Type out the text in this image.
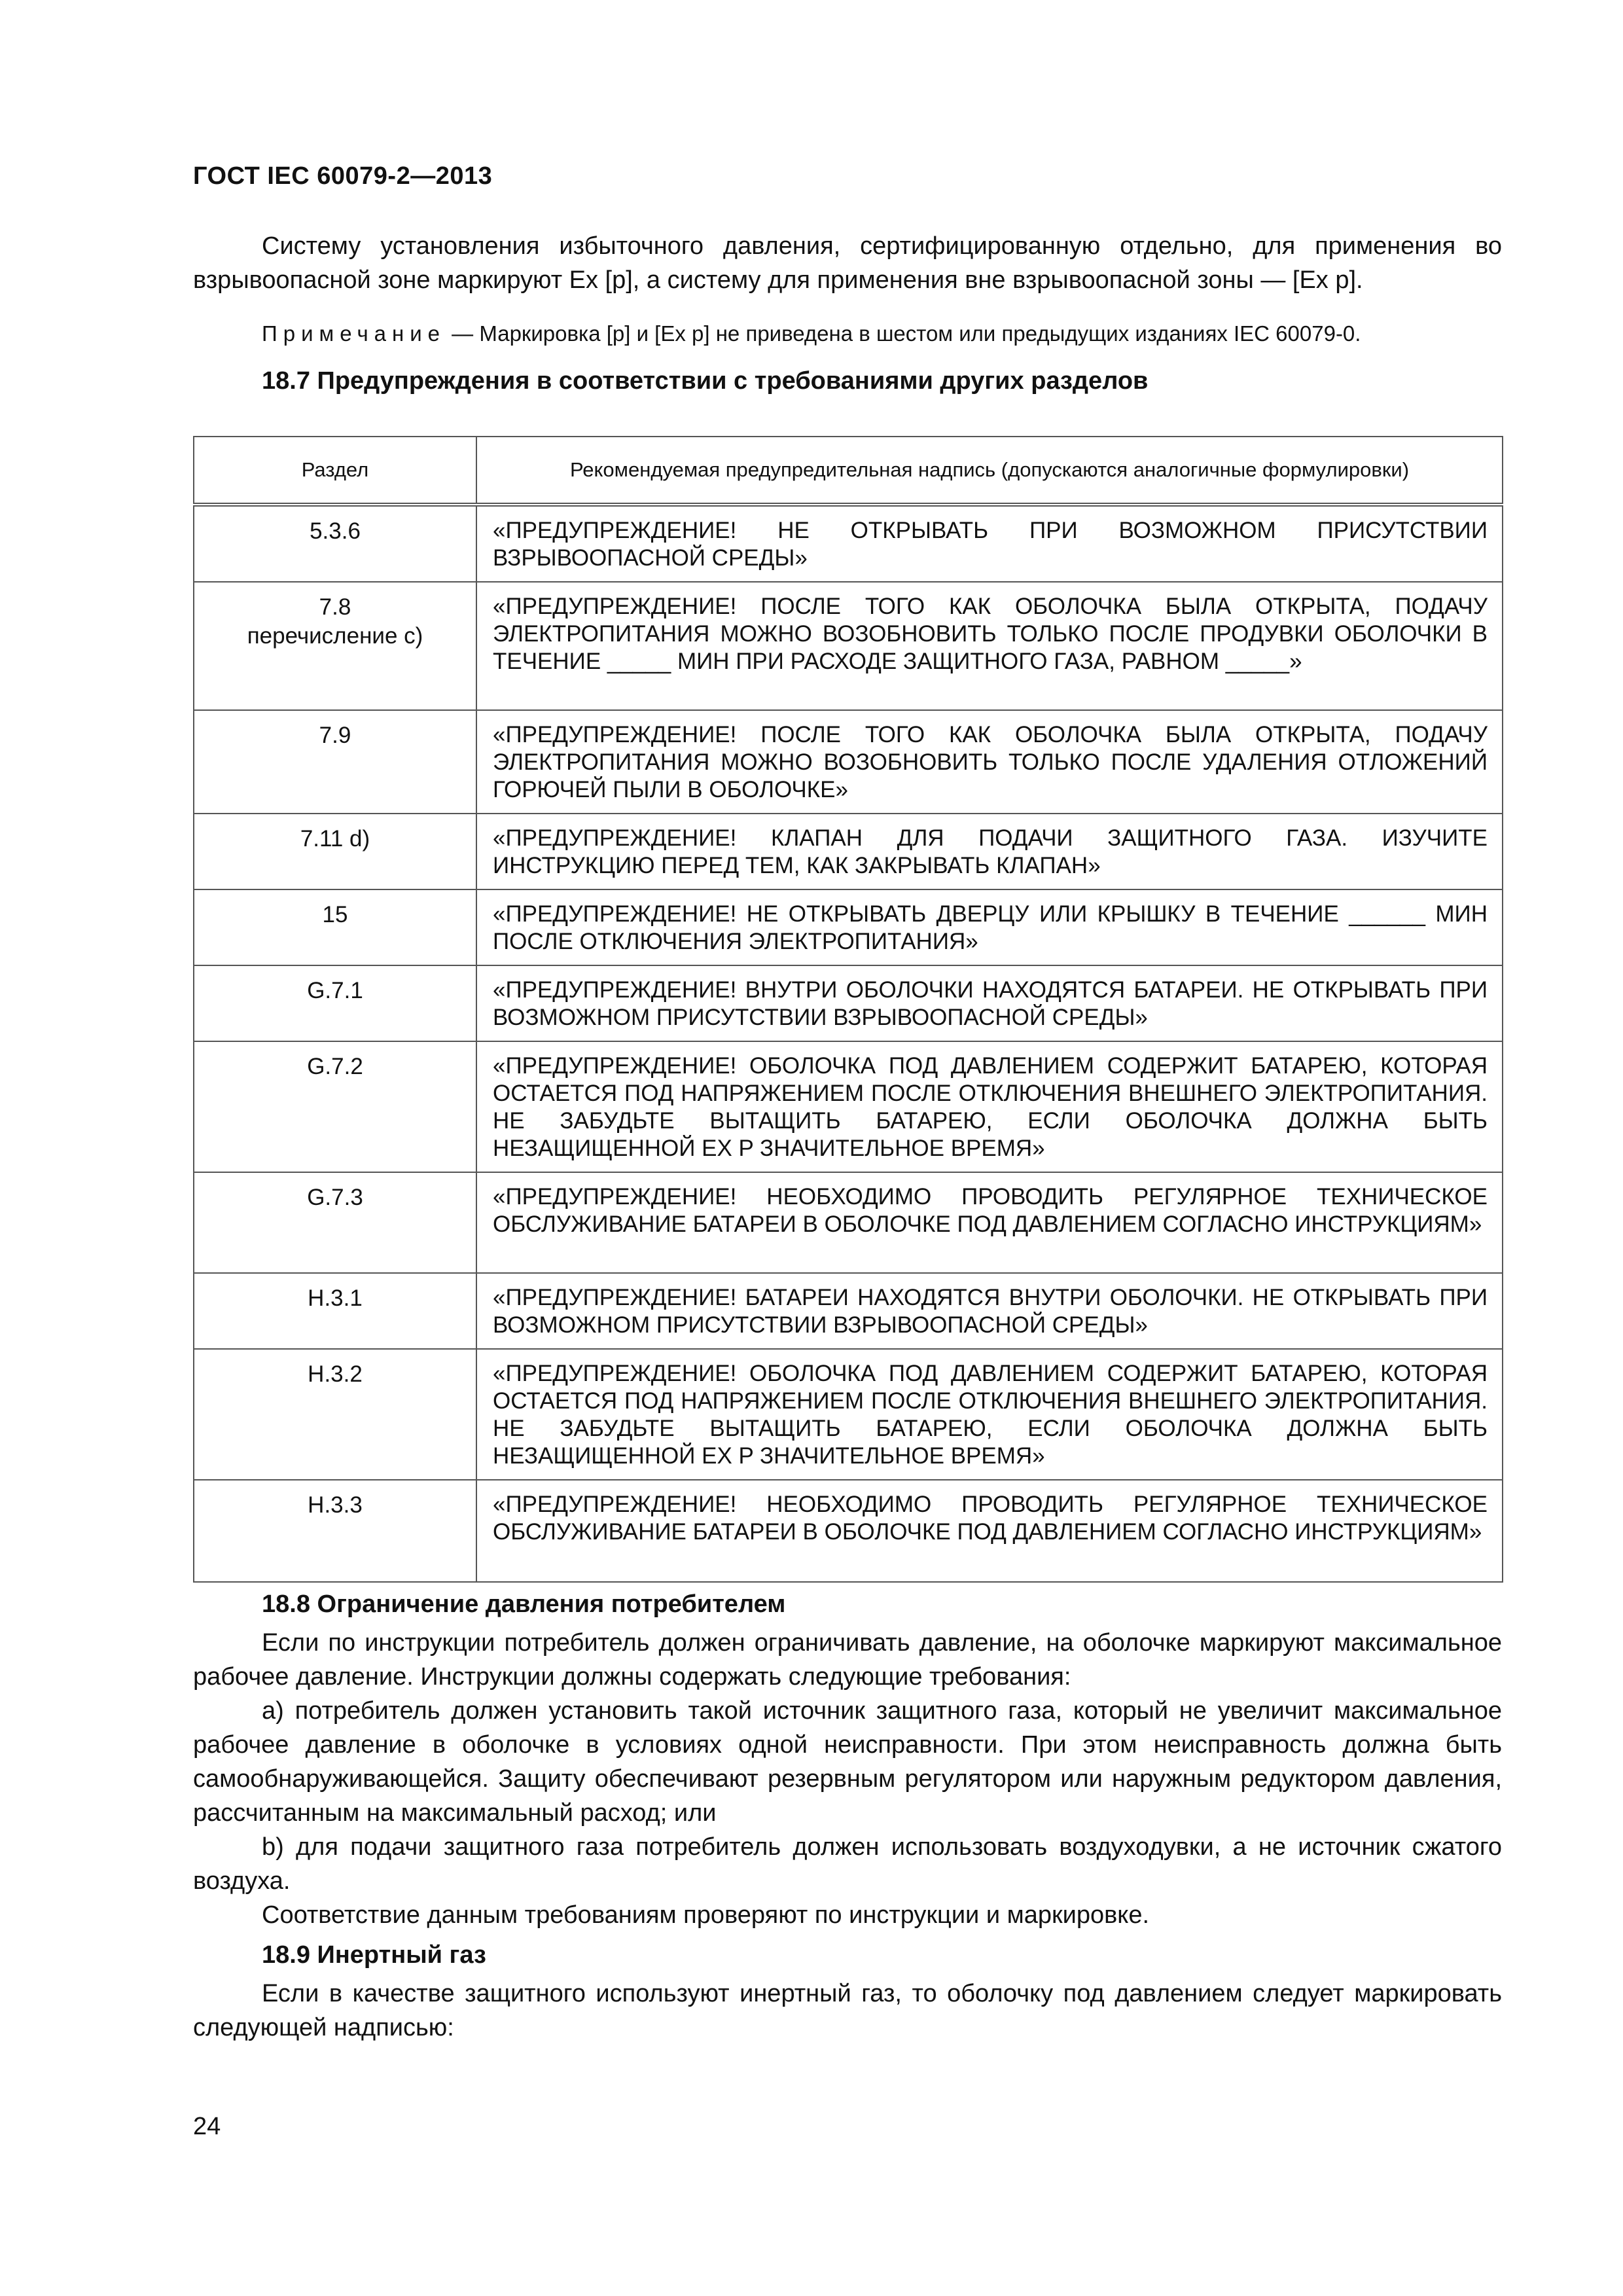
ГОСТ IEC 60079-2—2013

Систему установления избыточного давления, сертифицированную отдельно, для применения во взрывоопасной зоне маркируют Ex [p], а систему для применения вне взрывоопасной зоны — [Ex p].

Примечание — Маркировка [p] и [Ex p] не приведена в шестом или предыдущих изданиях IEC 60079-0.

18.7 Предупреждения в соответствии с требованиями других разделов
Раздел	Рекомендуемая предупредительная надпись (допускаются аналогичные формулировки)
5.3.6	«ПРЕДУПРЕЖДЕНИЕ! НЕ ОТКРЫВАТЬ ПРИ ВОЗМОЖНОМ ПРИСУТСТВИИ ВЗРЫВООПАСНОЙ СРЕДЫ»
7.8
перечисление c)	«ПРЕДУПРЕЖДЕНИЕ! ПОСЛЕ ТОГО КАК ОБОЛОЧКА БЫЛА ОТКРЫТА, ПОДАЧУ ЭЛЕКТРОПИТАНИЯ МОЖНО ВОЗОБНОВИТЬ ТОЛЬКО ПОСЛЕ ПРОДУВКИ ОБОЛОЧКИ В ТЕЧЕНИЕ _____ МИН ПРИ РАСХОДЕ ЗАЩИТНОГО ГАЗА, РАВНОМ _____»
7.9	«ПРЕДУПРЕЖДЕНИЕ! ПОСЛЕ ТОГО КАК ОБОЛОЧКА БЫЛА ОТКРЫТА, ПОДАЧУ ЭЛЕКТРОПИТАНИЯ МОЖНО ВОЗОБНОВИТЬ ТОЛЬКО ПОСЛЕ УДАЛЕНИЯ ОТЛОЖЕНИЙ ГОРЮЧЕЙ ПЫЛИ В ОБОЛОЧКЕ»
7.11 d)	«ПРЕДУПРЕЖДЕНИЕ! КЛАПАН ДЛЯ ПОДАЧИ ЗАЩИТНОГО ГАЗА. ИЗУЧИТЕ ИНСТРУКЦИЮ ПЕРЕД ТЕМ, КАК ЗАКРЫВАТЬ КЛАПАН»
15	«ПРЕДУПРЕЖДЕНИЕ! НЕ ОТКРЫВАТЬ ДВЕРЦУ ИЛИ КРЫШКУ В ТЕЧЕНИЕ ______ МИН ПОСЛЕ ОТКЛЮЧЕНИЯ ЭЛЕКТРОПИТАНИЯ»
G.7.1	«ПРЕДУПРЕЖДЕНИЕ! ВНУТРИ ОБОЛОЧКИ НАХОДЯТСЯ БАТАРЕИ. НЕ ОТКРЫВАТЬ ПРИ ВОЗМОЖНОМ ПРИСУТСТВИИ ВЗРЫВООПАСНОЙ СРЕДЫ»
G.7.2	«ПРЕДУПРЕЖДЕНИЕ! ОБОЛОЧКА ПОД ДАВЛЕНИЕМ СОДЕРЖИТ БАТАРЕЮ, КОТОРАЯ ОСТАЕТСЯ ПОД НАПРЯЖЕНИЕМ ПОСЛЕ ОТКЛЮЧЕНИЯ ВНЕШНЕГО ЭЛЕКТРОПИТАНИЯ. НЕ ЗАБУДЬТЕ ВЫТАЩИТЬ БАТАРЕЮ, ЕСЛИ ОБОЛОЧКА ДОЛЖНА БЫТЬ НЕЗАЩИЩЕННОЙ EX P ЗНАЧИТЕЛЬНОЕ ВРЕМЯ»
G.7.3	«ПРЕДУПРЕЖДЕНИЕ! НЕОБХОДИМО ПРОВОДИТЬ РЕГУЛЯРНОЕ ТЕХНИЧЕСКОЕ ОБСЛУЖИВАНИЕ БАТАРЕИ В ОБОЛОЧКЕ ПОД ДАВЛЕНИЕМ СОГЛАСНО ИНСТРУКЦИЯМ»
H.3.1	«ПРЕДУПРЕЖДЕНИЕ! БАТАРЕИ НАХОДЯТСЯ ВНУТРИ ОБОЛОЧКИ. НЕ ОТКРЫВАТЬ ПРИ ВОЗМОЖНОМ ПРИСУТСТВИИ ВЗРЫВООПАСНОЙ СРЕДЫ»
H.3.2	«ПРЕДУПРЕЖДЕНИЕ! ОБОЛОЧКА ПОД ДАВЛЕНИЕМ СОДЕРЖИТ БАТАРЕЮ, КОТОРАЯ ОСТАЕТСЯ ПОД НАПРЯЖЕНИЕМ ПОСЛЕ ОТКЛЮЧЕНИЯ ВНЕШНЕГО ЭЛЕКТРОПИТАНИЯ. НЕ ЗАБУДЬТЕ ВЫТАЩИТЬ БАТАРЕЮ, ЕСЛИ ОБОЛОЧКА ДОЛЖНА БЫТЬ НЕЗАЩИЩЕННОЙ EX P ЗНАЧИТЕЛЬНОЕ ВРЕМЯ»
H.3.3	«ПРЕДУПРЕЖДЕНИЕ! НЕОБХОДИМО ПРОВОДИТЬ РЕГУЛЯРНОЕ ТЕХНИЧЕСКОЕ ОБСЛУЖИВАНИЕ БАТАРЕИ В ОБОЛОЧКЕ ПОД ДАВЛЕНИЕМ СОГЛАСНО ИНСТРУКЦИЯМ»
18.8 Ограничение давления потребителем

Если по инструкции потребитель должен ограничивать давление, на оболочке маркируют максимальное рабочее давление. Инструкции должны содержать следующие требования:

а) потребитель должен установить такой источник защитного газа, который не увеличит максимальное рабочее давление в оболочке в условиях одной неисправности. При этом неисправность должна быть самообнаруживающейся. Защиту обеспечивают резервным регулятором или наружным редуктором давления, рассчитанным на максимальный расход; или

b) для подачи защитного газа потребитель должен использовать воздуходувки, а не источник сжатого воздуха.

Соответствие данным требованиям проверяют по инструкции и маркировке.

18.9 Инертный газ

Если в качестве защитного используют инертный газ, то оболочку под давлением следует маркировать следующей надписью:

24
